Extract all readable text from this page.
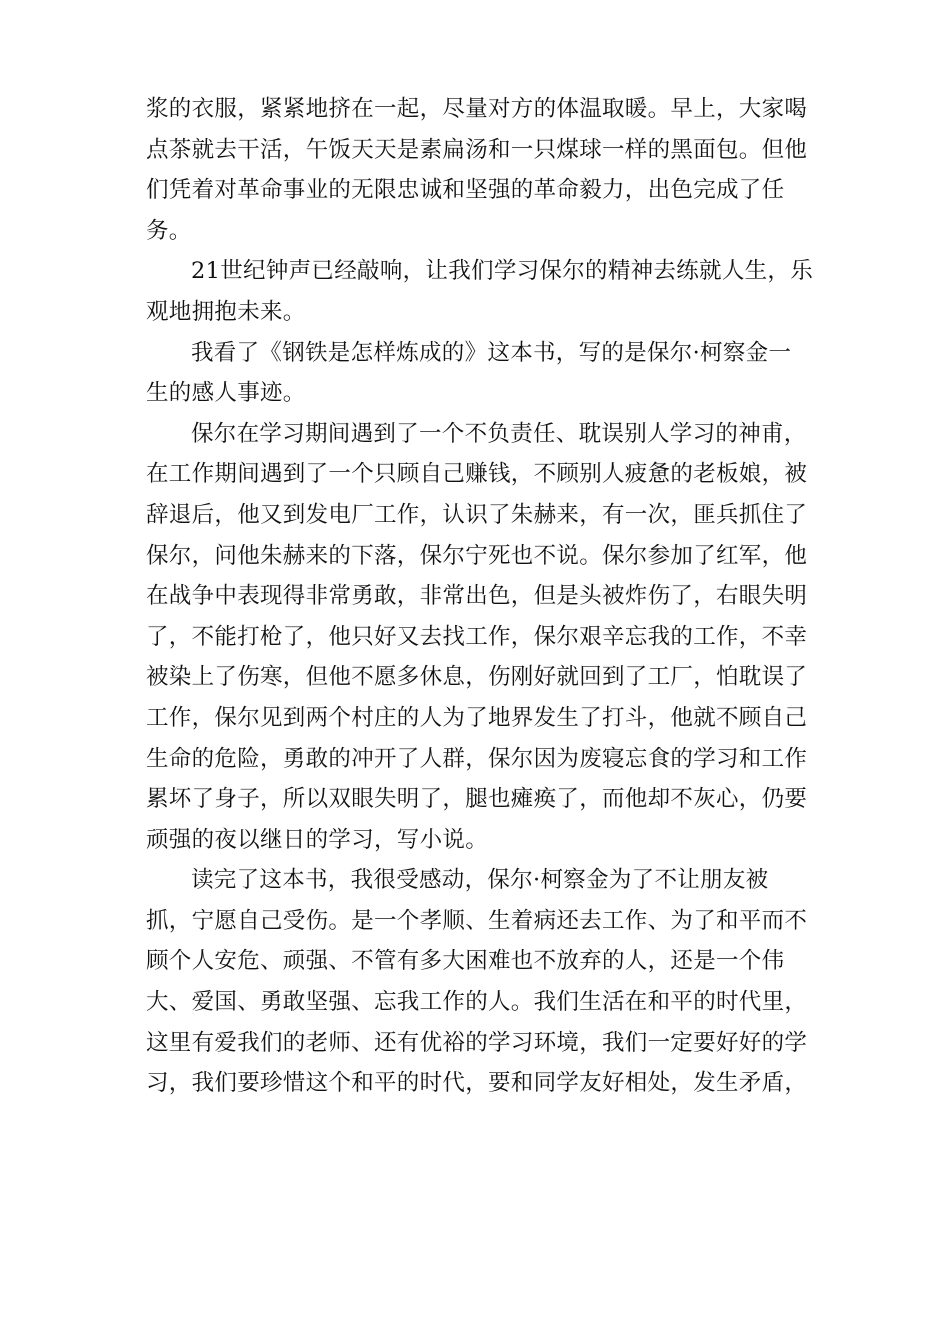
浆的衣服，紧紧地挤在一起，尽量对方的体温取暖。早上，大家喝
点茶就去干活，午饭天天是素扁汤和一只煤球一样的黑面包。但他
们凭着对革命事业的无限忠诚和坚强的革命毅力，出色完成了任
务。
21世纪钟声已经敲响，让我们学习保尔的精神去练就人生，乐
观地拥抱未来。
我看了《钢铁是怎样炼成的》这本书，写的是保尔·柯察金一
生的感人事迹。
保尔在学习期间遇到了一个不负责任、耽误别人学习的神甫，
在工作期间遇到了一个只顾自己赚钱，不顾别人疲惫的老板娘，被
辞退后，他又到发电厂工作，认识了朱赫来，有一次，匪兵抓住了
保尔，问他朱赫来的下落，保尔宁死也不说。保尔参加了红军，他
在战争中表现得非常勇敢，非常出色，但是头被炸伤了，右眼失明
了，不能打枪了，他只好又去找工作，保尔艰辛忘我的工作，不幸
被染上了伤寒，但他不愿多休息，伤刚好就回到了工厂，怕耽误了
工作，保尔见到两个村庄的人为了地界发生了打斗，他就不顾自己
生命的危险，勇敢的冲开了人群，保尔因为废寝忘食的学习和工作
累坏了身子，所以双眼失明了，腿也瘫痪了，而他却不灰心，仍要
顽强的夜以继日的学习，写小说。
读完了这本书，我很受感动，保尔·柯察金为了不让朋友被
抓，宁愿自己受伤。是一个孝顺、生着病还去工作、为了和平而不
顾个人安危、顽强、不管有多大困难也不放弃的人，还是一个伟
大、爱国、勇敢坚强、忘我工作的人。我们生活在和平的时代里，
这里有爱我们的老师、还有优裕的学习环境，我们一定要好好的学
习，我们要珍惜这个和平的时代，要和同学友好相处，发生矛盾，
